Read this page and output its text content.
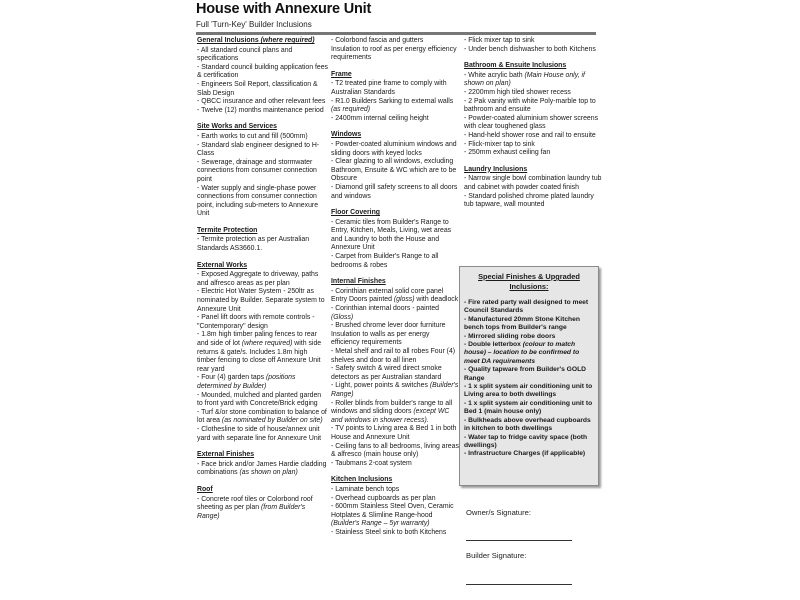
House with Annexure Unit
Full 'Turn-Key' Builder Inclusions
General Inclusions (where required)
- All standard council plans and specifications
- Standard council building application fees & certification
- Engineers Soil Report, classification & Slab Design
- QBCC insurance and other relevant fees
- Twelve (12) months maintenance period
Site Works and Services
- Earth works to cut and fill (500mm)
- Standard slab engineer designed to H-Class
- Sewerage, drainage and stormwater connections from consumer connection point
- Water supply and single-phase power connections from consumer connection point, including sub-meters to Annexure Unit
Termite Protection
- Termite protection as per Australian Standards AS3660.1.
External Works
- Exposed Aggregate to driveway, paths and alfresco areas as per plan
- Electric Hot Water System - 250ltr as nominated by Builder. Separate system to Annexure Unit
- Panel lift doors with remote controls - "Contemporary" design
- 1.8m high timber paling fences to rear and side of lot (where required) with side returns & gate/s. Includes 1.8m high timber fencing to close off Annexure Unit rear yard
- Four (4) garden taps (positions determined by Builder)
- Mounded, mulched and planted garden to front yard with Concrete/Brick edging
- Turf &/or stone combination to balance of lot area (as nominated by Builder on site)
- Clothesline to side of house/annex unit yard with separate line for Annexure Unit
External Finishes
- Face brick and/or James Hardie cladding combinations (as shown on plan)
Roof
- Concrete roof tiles or Colorbond roof sheeting as per plan (from Builder's Range)
- Colorbond fascia and gutters
Insulation to roof as per energy efficiency requirements
Frame
- T2 treated pine frame to comply with Australian Standards
- R1.0 Builders Sarking to external walls (as required)
- 2400mm internal ceiling height
Windows
- Powder-coated aluminium windows and sliding doors with keyed locks
- Clear glazing to all windows, excluding Bathroom, Ensuite & WC which are to be Obscure
- Diamond grill safety screens to all doors and windows
Floor Covering
- Ceramic tiles from Builder's Range to Entry, Kitchen, Meals, Living, wet areas and Laundry to both the House and Annexure Unit
- Carpet from Builder's Range to all bedrooms & robes
Internal Finishes
- Corinthian external solid core panel Entry Doors painted (gloss) with deadlock
- Corinthian internal doors - painted (Gloss)
- Brushed chrome lever door furniture Insulation to walls as per energy efficiency requirements
- Metal shelf and rail to all robes Four (4) shelves and door to all linen
- Safety switch & wired direct smoke detectors as per Australian standard
- Light, power points & switches (Builder's Range)
- Roller blinds from builder's range to all windows and sliding doors (except WC and windows in shower recess).
- TV points to Living area & Bed 1 in both House and Annexure Unit
- Ceiling fans to all bedrooms, living areas & alfresco (main house only)
- Taubmans 2-coat system
Kitchen Inclusions
- Laminate bench tops
- Overhead cupboards as per plan
- 600mm Stainless Steel Oven, Ceramic Hotplates & Slimline Range-hood (Builder's Range – 5yr warranty)
- Stainless Steel sink to both Kitchens
- Flick mixer tap to sink
- Under bench dishwasher to both Kitchens
Bathroom & Ensuite Inclusions
- White acrylic bath (Main House only, if shown on plan)
- 2200mm high tiled shower recess
- 2 Pak vanity with white Poly-marble top to bathroom and ensuite
- Powder-coated aluminium shower screens with clear toughened glass
- Hand-held shower rose and rail to ensuite
- Flick-mixer tap to sink
- 250mm exhaust ceiling fan
Laundry Inclusions
- Narrow single bowl combination laundry tub and cabinet with powder coated finish
- Standard polished chrome plated laundry tub tapware, wall mounted
Special Finishes & Upgraded Inclusions:
- Fire rated party wall designed to meet Council Standards
- Manufactured 20mm Stone Kitchen bench tops from Builder's range
- Mirrored sliding robe doors
- Double letterbox (colour to match house) – location to be confirmed to meet DA requirements
- Quality tapware from Builder's GOLD Range
- 1 x split system air conditioning unit to Living area to both dwellings
- 1 x split system air conditioning unit to Bed 1 (main house only)
- Bulkheads above overhead cupboards in kitchen to both dwellings
- Water tap to fridge cavity space (both dwellings)
- Infrastructure Charges (if applicable)
Owner/s Signature:
Builder Signature:
